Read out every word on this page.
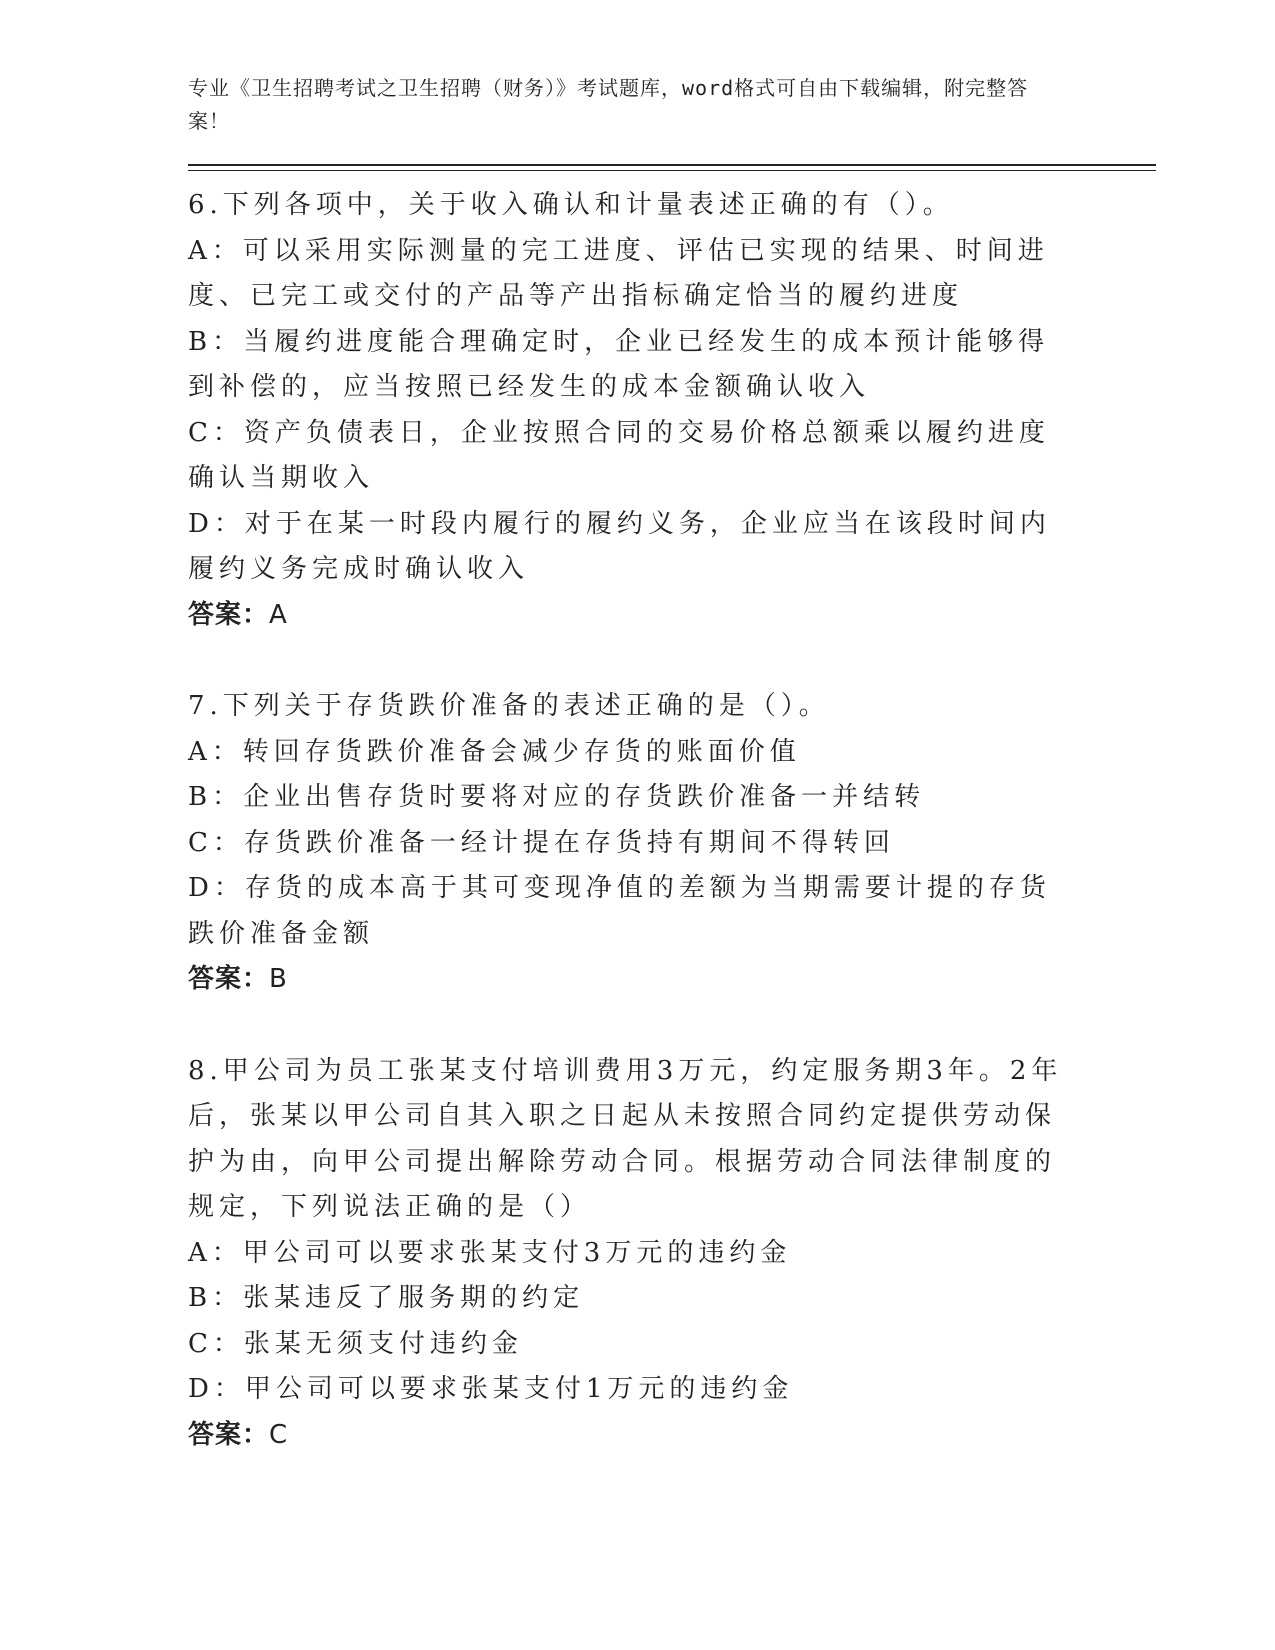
专业《卫生招聘考试之卫生招聘（财务）》考试题库，word格式可自由下载编辑，附完整答案！
6.下列各项中，关于收入确认和计量表述正确的有（）。
A：可以采用实际测量的完工进度、评估已实现的结果、时间进度、已完工或交付的产品等产出指标确定恰当的履约进度
B：当履约进度能合理确定时，企业已经发生的成本预计能够得到补偿的，应当按照已经发生的成本金额确认收入
C：资产负债表日，企业按照合同的交易价格总额乘以履约进度确认当期收入
D：对于在某一时段内履行的履约义务，企业应当在该段时间内履约义务完成时确认收入
答案：A
7.下列关于存货跌价准备的表述正确的是（）。
A：转回存货跌价准备会减少存货的账面价值
B：企业出售存货时要将对应的存货跌价准备一并结转
C：存货跌价准备一经计提在存货持有期间不得转回
D：存货的成本高于其可变现净值的差额为当期需要计提的存货跌价准备金额
答案：B
8.甲公司为员工张某支付培训费用3万元，约定服务期3年。2年后，张某以甲公司自其入职之日起从未按照合同约定提供劳动保护为由，向甲公司提出解除劳动合同。根据劳动合同法律制度的规定，下列说法正确的是（）
A：甲公司可以要求张某支付3万元的违约金
B：张某违反了服务期的约定
C：张某无须支付违约金
D：甲公司可以要求张某支付1万元的违约金
答案：C
